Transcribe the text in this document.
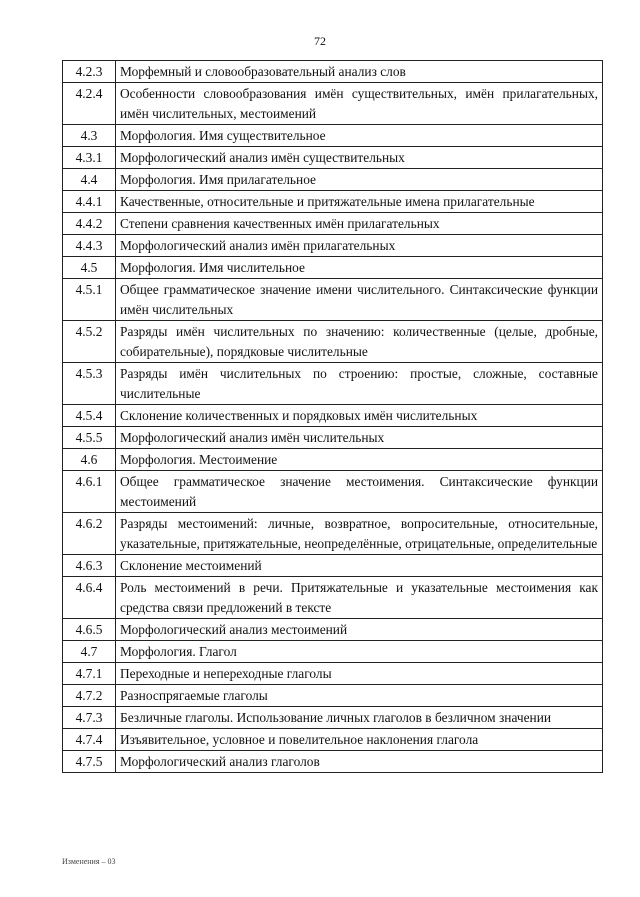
72
4.2.3	Морфемный и словообразовательный анализ слов
4.2.4	Особенности словообразования имён существительных, имён прилагательных, имён числительных, местоимений
4.3	Морфология. Имя существительное
4.3.1	Морфологический анализ имён существительных
4.4	Морфология. Имя прилагательное
4.4.1	Качественные, относительные и притяжательные имена прилагательные
4.4.2	Степени сравнения качественных имён прилагательных
4.4.3	Морфологический анализ имён прилагательных
4.5	Морфология. Имя числительное
4.5.1	Общее грамматическое значение имени числительного. Синтаксические функции имён числительных
4.5.2	Разряды имён числительных по значению: количественные (целые, дробные, собирательные), порядковые числительные
4.5.3	Разряды имён числительных по строению: простые, сложные, составные числительные
4.5.4	Склонение количественных и порядковых имён числительных
4.5.5	Морфологический анализ имён числительных
4.6	Морфология. Местоимение
4.6.1	Общее грамматическое значение местоимения. Синтаксические функции местоимений
4.6.2	Разряды местоимений: личные, возвратное, вопросительные, относительные, указательные, притяжательные, неопределённые, отрицательные, определительные
4.6.3	Склонение местоимений
4.6.4	Роль местоимений в речи. Притяжательные и указательные местоимения как средства связи предложений в тексте
4.6.5	Морфологический анализ местоимений
4.7	Морфология. Глагол
4.7.1	Переходные и непереходные глаголы
4.7.2	Разноспрягаемые глаголы
4.7.3	Безличные глаголы. Использование личных глаголов в безличном значении
4.7.4	Изъявительное, условное и повелительное наклонения глагола
4.7.5	Морфологический анализ глаголов
Изменения – 03
